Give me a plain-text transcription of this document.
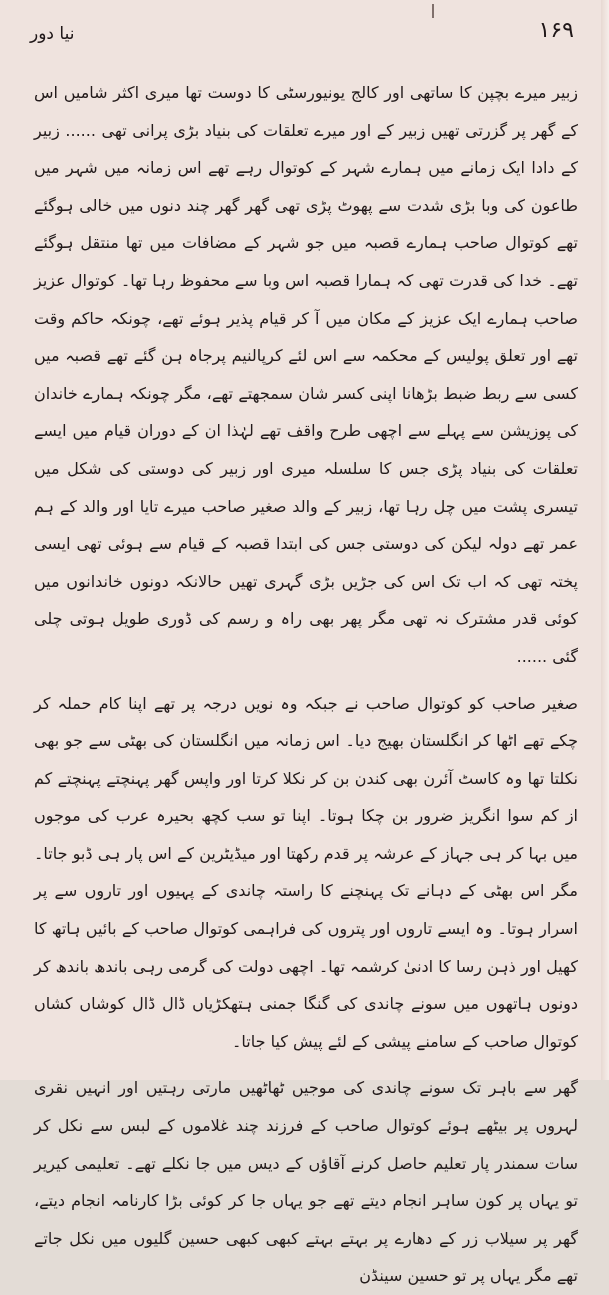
نیا دور	۱۶۹

زبیر میرے بچپن کا ساتھی اور کالج یونیورسٹی کا دوست تھا میری اکثر شامیں اس کے گھر پر گزرتی تھیں زبیر کے اور میرے تعلقات کی بنیاد بڑی پرانی تھی ...... زبیر کے دادا ایک زمانے میں ہمارے شہر کے کوتوال رہے تھے اس زمانہ میں شہر میں طاعون کی وبا بڑی شدت سے پھوٹ پڑی تھی گھر گھر چند دنوں میں خالی ہوگئے تھے کوتوال صاحب ہمارے قصبہ میں جو شہر کے مضافات میں تھا منتقل ہوگئے تھے۔ خدا کی قدرت تھی کہ ہمارا قصبہ اس وبا سے محفوظ رہا تھا۔ کوتوال عزیز صاحب ہمارے ایک عزیز کے مکان میں آ کر قیام پذیر ہوئے تھے، چونکہ حاکم وقت تھے اور تعلق پولیس کے محکمہ سے اس لئے کرپالنیم پرجاہ ہن گئے تھے قصبہ میں کسی سے ربط ضبط بڑھانا اپنی کسر شان سمجھتے تھے، مگر چونکہ ہمارے خاندان کی پوزیشن سے پہلے سے اچھی طرح واقف تھے لہٰذا ان کے دوران قیام میں ایسے تعلقات کی بنیاد پڑی جس کا سلسلہ میری اور زبیر کی دوستی کی شکل میں تیسری پشت میں چل رہا تھا، زبیر کے والد صغیر صاحب میرے تایا اور والد کے ہم عمر تھے دولہ لیکن کی دوستی جس کی ابتدا قصبہ کے قیام سے ہوئی تھی ایسی پختہ تھی کہ اب تک اس کی جڑیں بڑی گہری تھیں حالانکہ دونوں خاندانوں میں کوئی قدر مشترک نہ تھی مگر پھر بھی راہ و رسم کی ڈوری طویل ہوتی چلی گئی ......

صغیر صاحب کو کوتوال صاحب نے جبکہ وہ نویں درجہ پر تھے اپنا کام حملہ کر چکے تھے اٹھا کر انگلستان بھیج دیا۔ اس زمانہ میں انگلستان کی بھٹی سے جو بھی نکلتا تھا وہ کاسٹ آئرن بھی کندن بن کر نکلا کرتا اور واپس گھر پہنچتے پہنچتے کم از کم سوا انگریز ضرور بن چکا ہوتا۔ اپنا تو سب کچھ بحیرہ عرب کی موجوں میں بہا کر ہی جہاز کے عرشہ پر قدم رکھتا اور میڈیٹرین کے اس پار ہی ڈبو جاتا۔ مگر اس بھٹی کے دہانے تک پہنچنے کا راستہ چاندی کے پہیوں اور تاروں سے پر اسرار ہوتا۔ وہ ایسے تاروں اور پتروں کی فراہمی کوتوال صاحب کے بائیں ہاتھ کا کھیل اور ذہن رسا کا ادنیٰ کرشمہ تھا۔ اچھی دولت کی گرمی رہی باندھ باندھ کر دونوں ہاتھوں میں سونے چاندی کی گنگا جمنی ہتھکڑیاں ڈال ڈال کوشاں کشاں کوتوال صاحب کے سامنے پیشی کے لئے پیش کیا جاتا۔

گھر سے باہر تک سونے چاندی کی موجیں ٹھاٹھیں مارتی رہتیں اور انہیں نقری لہروں پر بیٹھے ہوئے کوتوال صاحب کے فرزند چند غلاموں کے لبس سے نکل کر سات سمندر پار تعلیم حاصل کرنے آقاؤں کے دیس میں جا نکلے تھے۔ تعلیمی کیریر تو یہاں پر کون ساہر انجام دیتے تھے جو یہاں جا کر کوئی بڑا کارنامہ انجام دیتے، گھر پر سیلاب زر کے دھارے پر بہتے بہتے کبھی کبھی حسین گلیوں میں نکل جاتے تھے مگر یہاں پر تو حسین سینڈن
